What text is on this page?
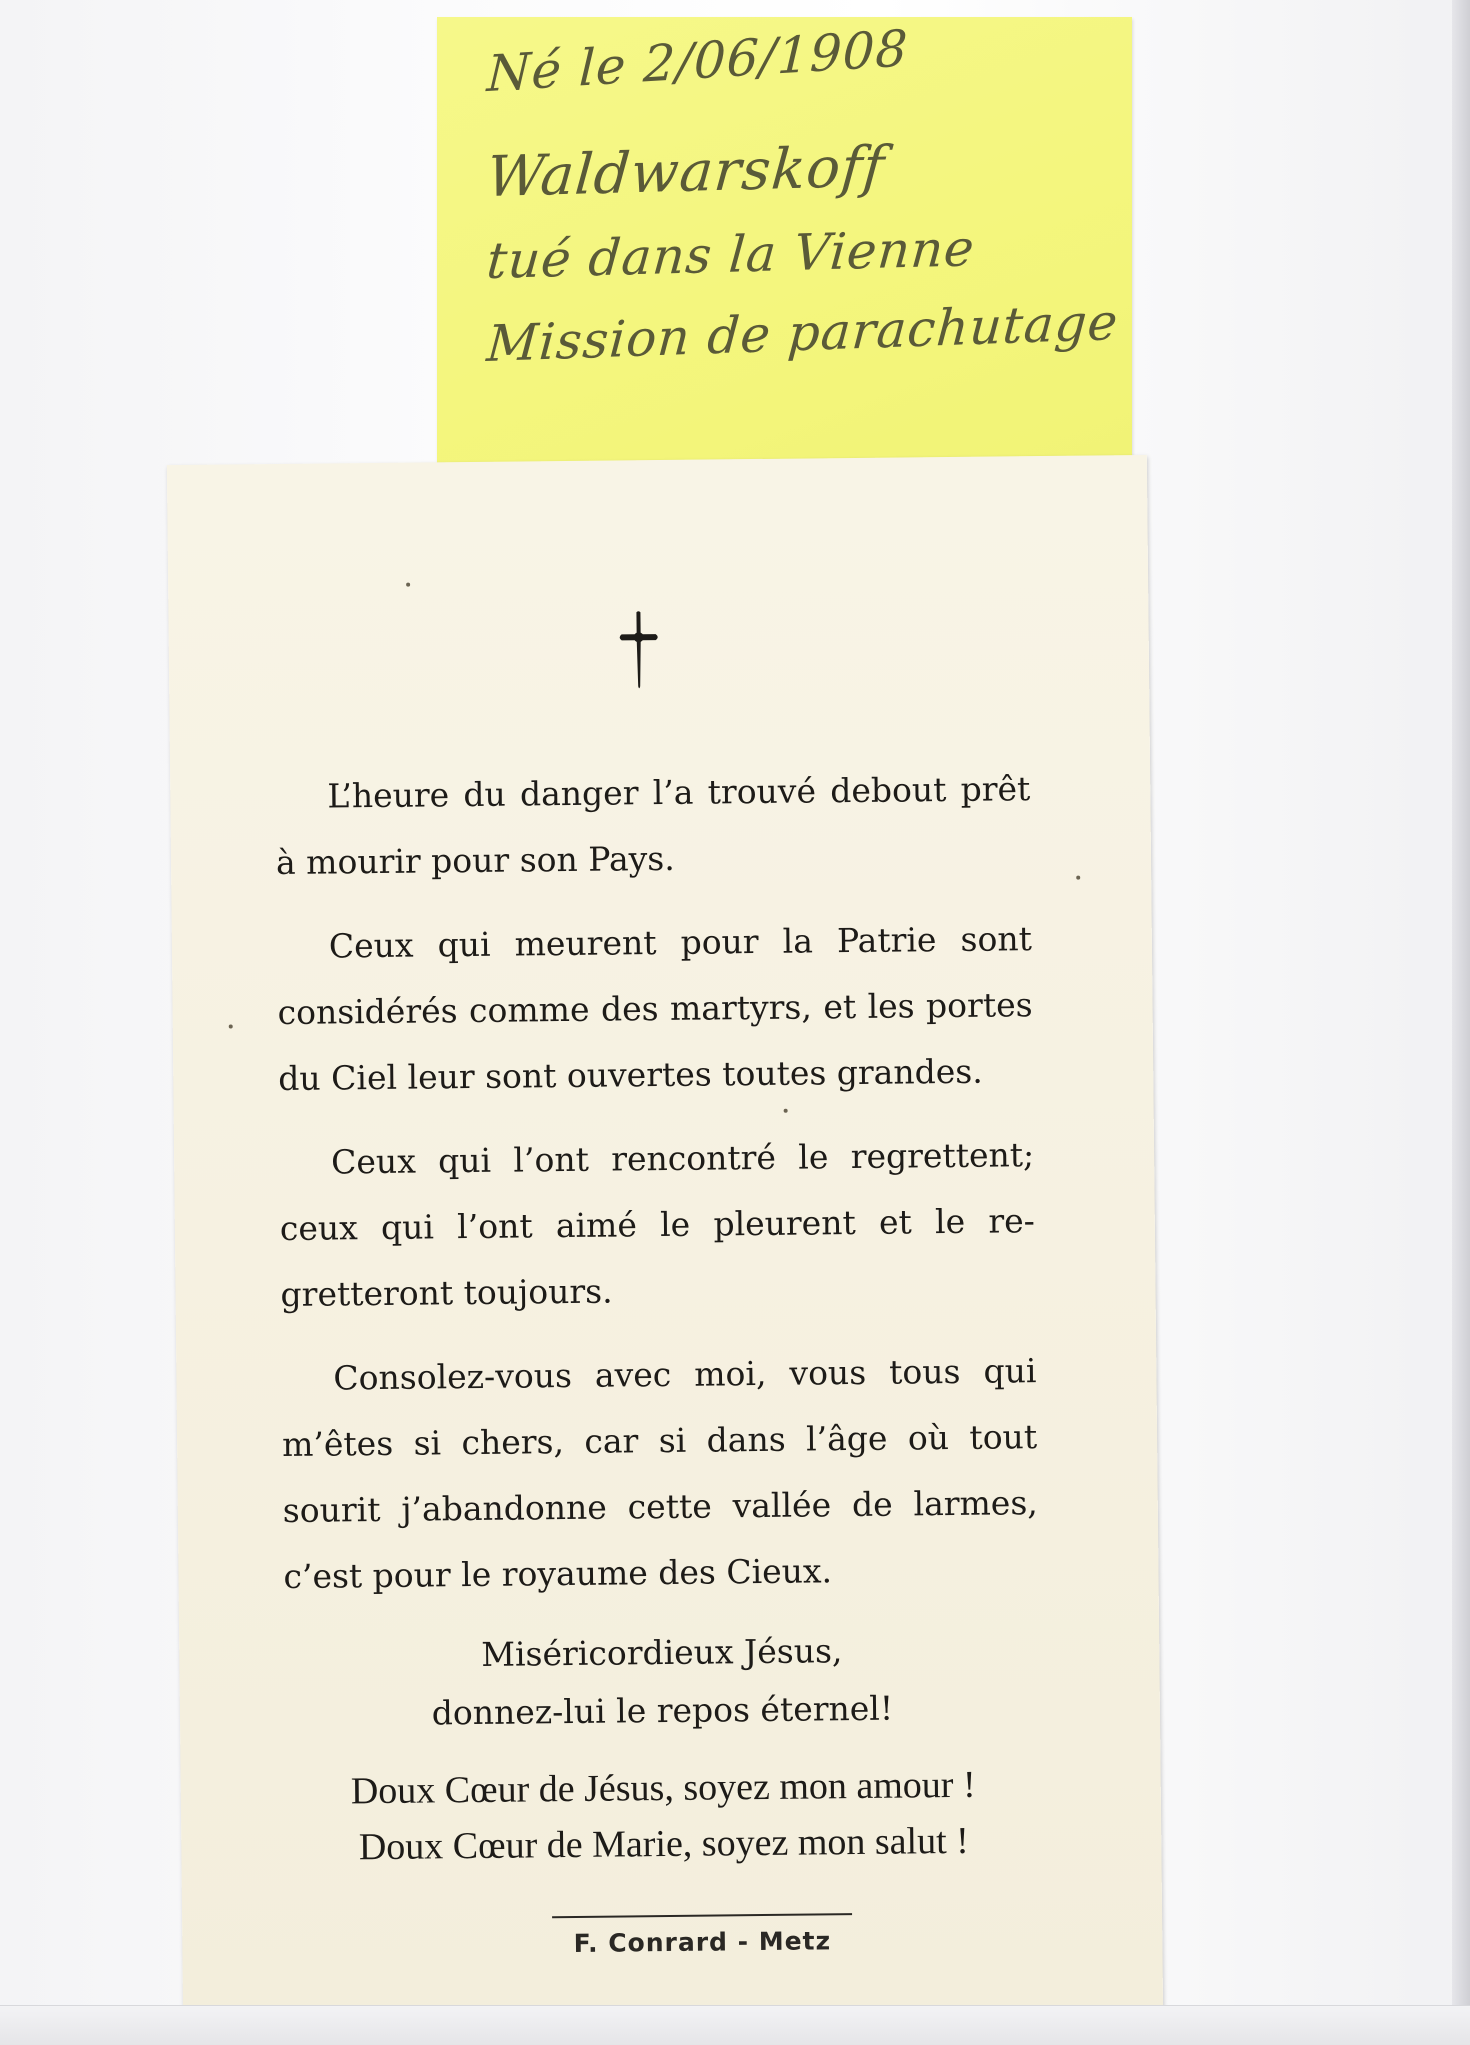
Né le 2/06/1908

Waldwarskoff

tué dans la Vienne

Mission de parachutage

L’heure du danger l’a trouvé debout prêt à mourir pour son Pays.

Ceux qui meurent pour la Patrie sont considérés comme des martyrs, et les portes du Ciel leur sont ouvertes toutes grandes.

Ceux qui l’ont rencontré le regrettent; ceux qui l’ont aimé le pleurent et le re-gretteront toujours.

Consolez-vous avec moi, vous tous qui m’êtes si chers, car si dans l’âge où tout sourit j’abandonne cette vallée de larmes, c’est pour le royaume des Cieux.

Miséricordieux Jésus,
donnez-lui le repos éternel!
Doux Cœur de Jésus, soyez mon amour !
Doux Cœur de Marie, soyez mon salut !

F. Conrard - Metz
